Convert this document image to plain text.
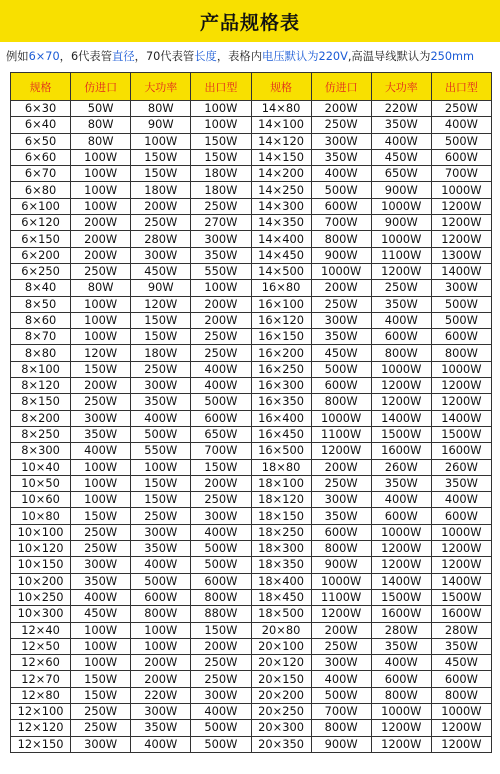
产品规格表
例如 6×70 ，6代表管 直径 ，70代表管 长度 ，表格内 电压默认为220V ,高温导线默认为 250mm
规格	仿进口	大功率	出口型	规格	仿进口	大功率	出口型
6×30	50W	80W	100W	14×80	200W	220W	250W
6×40	80W	90W	100W	14×100	250W	350W	400W
6×50	80W	100W	150W	14×120	300W	400W	500W
6×60	100W	150W	150W	14×150	350W	450W	600W
6×70	100W	150W	180W	14×200	400W	650W	700W
6×80	100W	180W	180W	14×250	500W	900W	1000W
6×100	100W	200W	250W	14×300	600W	1000W	1200W
6×120	200W	250W	270W	14×350	700W	900W	1200W
6×150	200W	280W	300W	14×400	800W	1000W	1200W
6×200	200W	300W	350W	14×450	900W	1100W	1300W
6×250	250W	450W	550W	14×500	1000W	1200W	1400W
8×40	80W	90W	100W	16×80	200W	250W	300W
8×50	100W	120W	200W	16×100	250W	350W	500W
8×60	100W	150W	200W	16×120	300W	400W	500W
8×70	100W	150W	250W	16×150	350W	600W	600W
8×80	120W	180W	250W	16×200	450W	800W	800W
8×100	150W	250W	400W	16×250	500W	1000W	1000W
8×120	200W	300W	400W	16×300	600W	1200W	1200W
8×150	250W	350W	500W	16×350	800W	1200W	1200W
8×200	300W	400W	600W	16×400	1000W	1400W	1400W
8×250	350W	500W	650W	16×450	1100W	1500W	1500W
8×300	400W	550W	700W	16×500	1200W	1600W	1600W
10×40	100W	100W	150W	18×80	200W	260W	260W
10×50	100W	150W	200W	18×100	250W	350W	350W
10×60	100W	150W	250W	18×120	300W	400W	400W
10×80	150W	250W	300W	18×150	350W	600W	600W
10×100	250W	300W	400W	18×250	600W	1000W	1000W
10×120	250W	350W	500W	18×300	800W	1200W	1200W
10×150	300W	400W	500W	18×350	900W	1200W	1200W
10×200	350W	500W	600W	18×400	1000W	1400W	1400W
10×250	400W	600W	800W	18×450	1100W	1500W	1500W
10×300	450W	800W	880W	18×500	1200W	1600W	1600W
12×40	100W	100W	150W	20×80	200W	280W	280W
12×50	100W	100W	200W	20×100	250W	350W	350W
12×60	100W	200W	250W	20×120	300W	400W	450W
12×70	150W	200W	250W	20×150	400W	600W	600W
12×80	150W	220W	300W	20×200	500W	800W	800W
12×100	250W	300W	400W	20×250	700W	1000W	1000W
12×120	250W	350W	500W	20×300	800W	1200W	1200W
12×150	300W	400W	500W	20×350	900W	1200W	1200W
